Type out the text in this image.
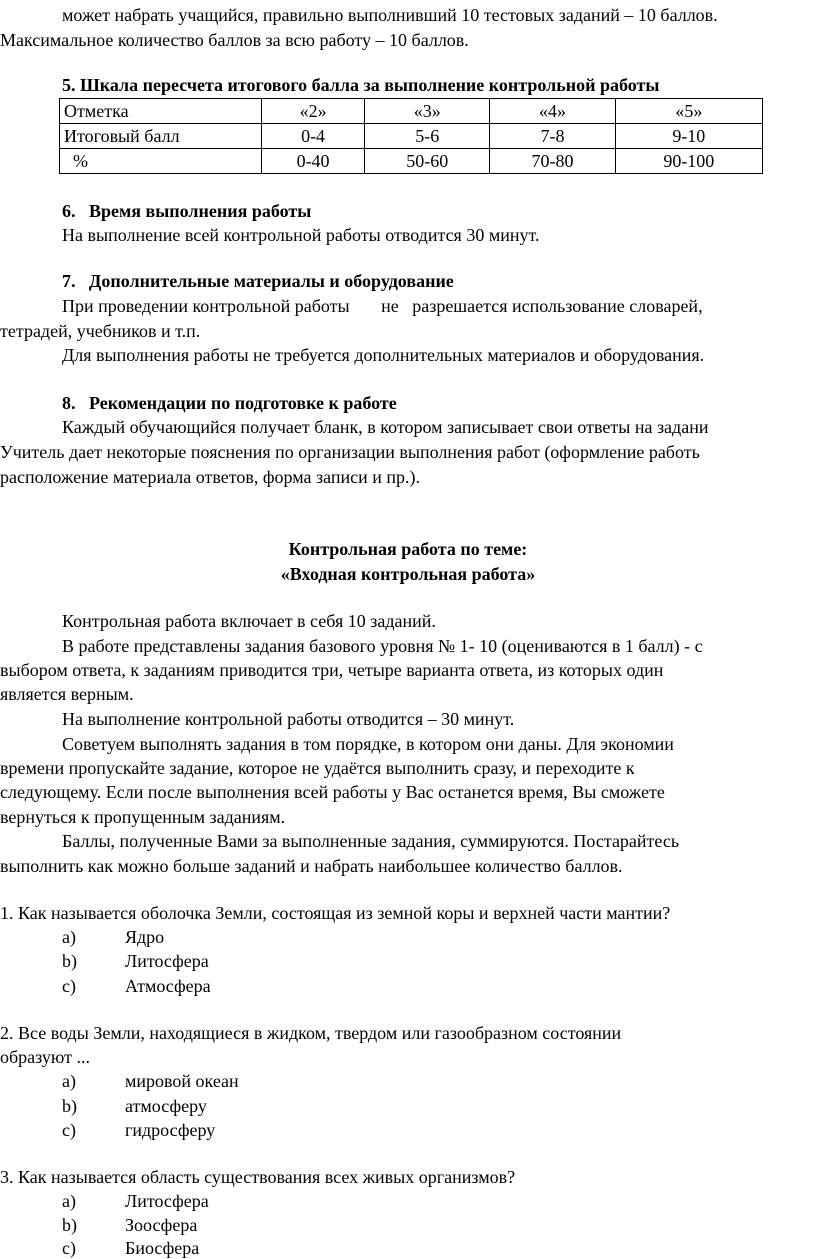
может набрать учащийся, правильно выполнивший 10 тестовых заданий – 10 баллов.
Максимальное количество баллов за всю работу – 10 баллов.
5. Шкала пересчета итогового балла за выполнение контрольной работы
Отметка	«2»	«3»	«4»	«5»
Итоговый балл	0-4	5-6	7-8	9-10
%	0-40	50-60	70-80	90-100
6.   Время выполнения работы
На выполнение всей контрольной работы отводится 30 минут.
7.   Дополнительные материалы и оборудование
При проведении контрольной работы       не   разрешается использование словарей,
тетрадей, учебников и т.п.
Для выполнения работы не требуется дополнительных материалов и оборудования.
8.   Рекомендации по подготовке к работе
Каждый обучающийся получает бланк, в котором записывает свои ответы на задани
Учитель дает некоторые пояснения по организации выполнения работ (оформление работь
расположение материала ответов, форма записи и пр.).
Контрольная работа по теме:
«Входная контрольная работа»
Контрольная работа включает в себя 10 заданий.
В работе представлены задания базового уровня № 1- 10 (оцениваются в 1 балл) - с
выбором ответа, к заданиям приводится три, четыре варианта ответа, из которых один
является верным.
На выполнение контрольной работы отводится – 30 минут.
Советуем выполнять задания в том порядке, в котором они даны. Для экономии
времени пропускайте задание, которое не удаётся выполнить сразу, и переходите к
следующему. Если после выполнения всей работы у Вас останется время, Вы сможете
вернуться к пропущенным заданиям.
Баллы, полученные Вами за выполненные задания, суммируются. Постарайтесь
выполнить как можно больше заданий и набрать наибольшее количество баллов.
1. Как называется оболочка Земли, состоящая из земной коры и верхней части мантии?
a)	Ядро
b)	Литосфера
c)	Атмосфера
2. Все воды Земли, находящиеся в жидком, твердом или газообразном состоянии
образуют ...
a)	мировой океан
b)	атмосферу
c)	гидросферу
3. Как называется область существования всех живых организмов?
a)	Литосфера
b)	Зоосфера
c)	Биосфера
